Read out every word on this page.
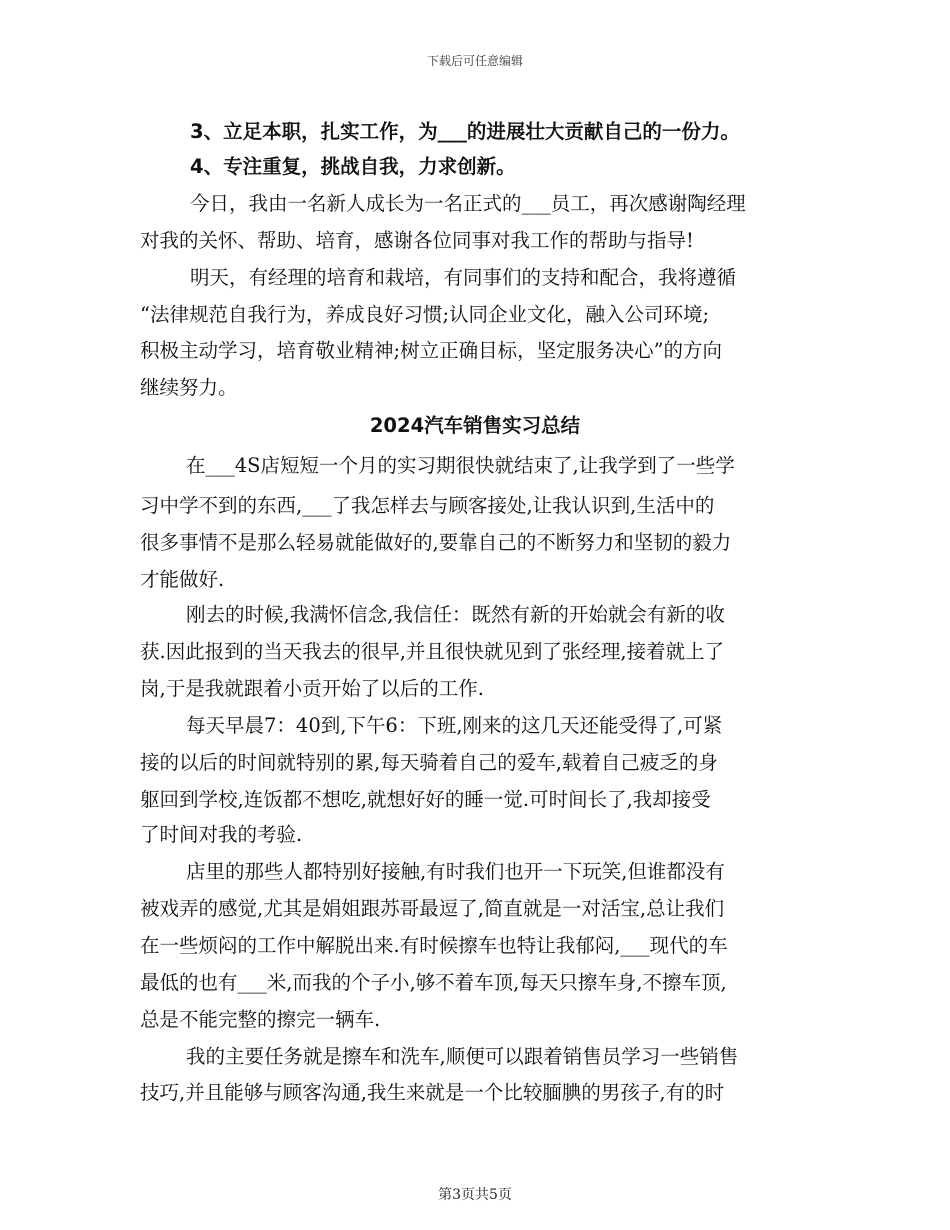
下载后可任意编辑
3、立足本职，扎实工作，为___的进展壮大贡献自己的一份力。
4、专注重复，挑战自我，力求创新。
今日，我由一名新人成长为一名正式的___员工，再次感谢陶经理
对我的关怀、帮助、培育，感谢各位同事对我工作的帮助与指导!
明天，有经理的培育和栽培，有同事们的支持和配合，我将遵循
“法律规范自我行为，养成良好习惯;认同企业文化，融入公司环境;
积极主动学习，培育敬业精神;树立正确目标，坚定服务决心”的方向
继续努力。
2024汽车销售实习总结
在___4S店短短一个月的实习期很快就结束了,让我学到了一些学
习中学不到的东西,___了我怎样去与顾客接处,让我认识到,生活中的
很多事情不是那么轻易就能做好的,要靠自己的不断努力和坚韧的毅力
才能做好.
刚去的时候,我满怀信念,我信任：既然有新的开始就会有新的收
获.因此报到的当天我去的很早,并且很快就见到了张经理,接着就上了
岗,于是我就跟着小贡开始了以后的工作.
每天早晨7：40到,下午6：下班,刚来的这几天还能受得了,可紧
接的以后的时间就特别的累,每天骑着自己的爱车,载着自己疲乏的身
躯回到学校,连饭都不想吃,就想好好的睡一觉.可时间长了,我却接受
了时间对我的考验.
店里的那些人都特别好接触,有时我们也开一下玩笑,但谁都没有
被戏弄的感觉,尤其是娟姐跟苏哥最逗了,简直就是一对活宝,总让我们
在一些烦闷的工作中解脱出来.有时候擦车也特让我郁闷,___现代的车
最低的也有___米,而我的个子小,够不着车顶,每天只擦车身,不擦车顶,
总是不能完整的擦完一辆车.
我的主要任务就是擦车和洗车,顺便可以跟着销售员学习一些销售
技巧,并且能够与顾客沟通,我生来就是一个比较腼腆的男孩子,有的时
第3页共5页
